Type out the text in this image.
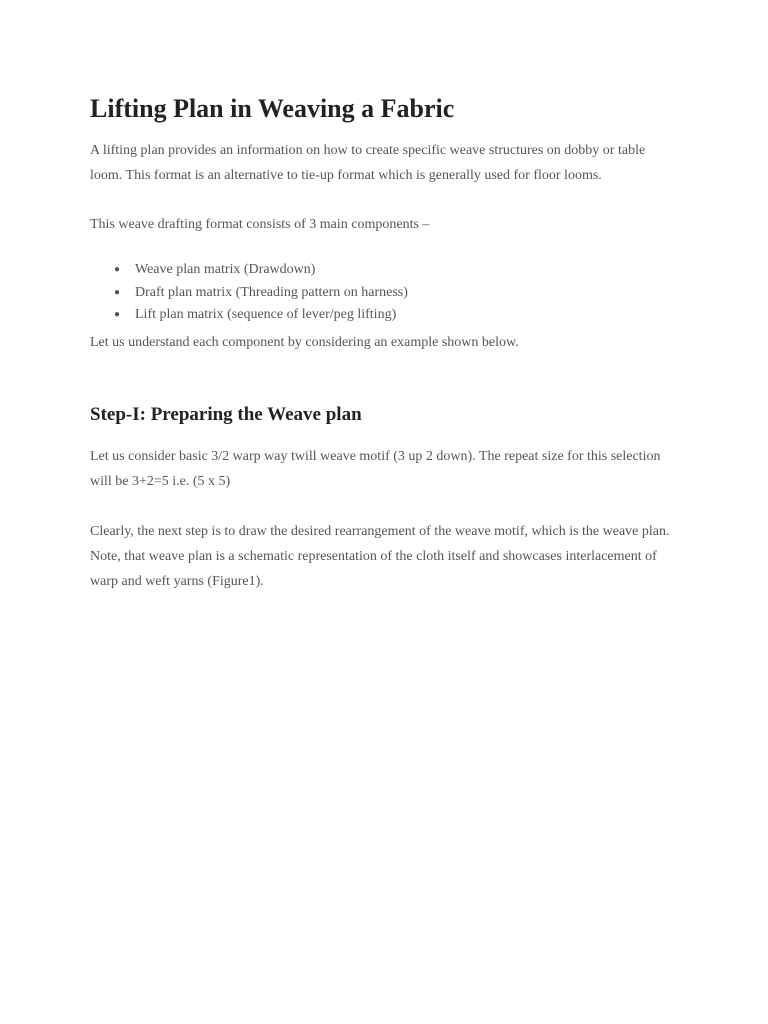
Lifting Plan in Weaving a Fabric

A lifting plan provides an information on how to create specific weave structures on dobby or table loom. This format is an alternative to tie-up format which is generally used for floor looms.

This weave drafting format consists of 3 main components –

● Weave plan matrix (Drawdown)
● Draft plan matrix (Threading pattern on harness)
● Lift plan matrix (sequence of lever/peg lifting)

Let us understand each component by considering an example shown below.

Step-I: Preparing the Weave plan

Let us consider basic 3/2 warp way twill weave motif (3 up 2 down). The repeat size for this selection will be 3+2=5 i.e. (5 x 5)

Clearly, the next step is to draw the desired rearrangement of the weave motif, which is the weave plan. Note, that weave plan is a schematic representation of the cloth itself and showcases interlacement of warp and weft yarns (Figure1).
